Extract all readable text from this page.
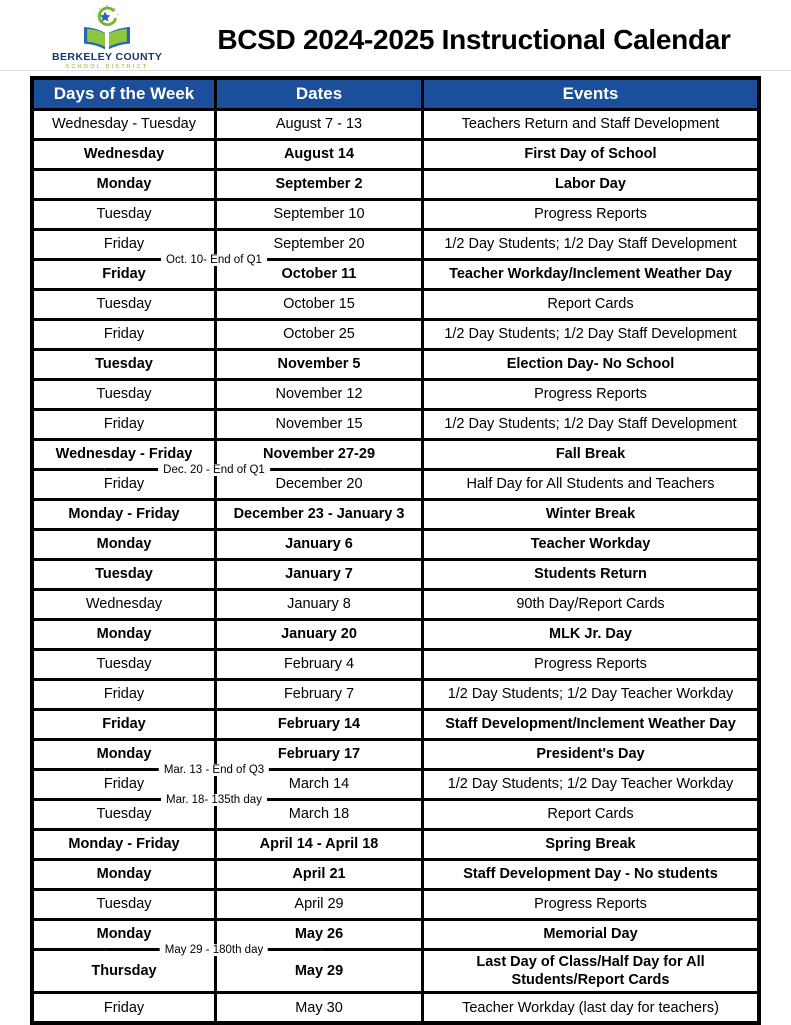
BERKELEY COUNTY
SCHOOL DISTRICT
BCSD 2024-2025 Instructional Calendar
Days of the Week	Dates	Events
Wednesday - Tuesday	August 7 - 13	Teachers Return and Staff Development
Wednesday	August 14	First Day of School
Monday	September 2	Labor Day
Tuesday	September 10	Progress Reports
Friday	September 20	1/2 Day Students; 1/2 Day Staff Development
Friday	October 11	Teacher Workday/Inclement Weather Day
Tuesday	October 15	Report Cards
Friday	October 25	1/2 Day Students; 1/2 Day Staff Development
Tuesday	November 5	Election Day- No School
Tuesday	November 12	Progress Reports
Friday	November 15	1/2 Day Students; 1/2 Day Staff Development
Wednesday - Friday	November 27-29	Fall Break
Friday	December 20	Half Day for All Students and Teachers
Monday - Friday	December 23 - January 3	Winter Break
Monday	January 6	Teacher Workday
Tuesday	January 7	Students Return
Wednesday	January 8	90th Day/Report Cards
Monday	January 20	MLK Jr. Day
Tuesday	February 4	Progress Reports
Friday	February 7	1/2 Day Students; 1/2 Day Teacher Workday
Friday	February 14	Staff Development/Inclement Weather Day
Monday	February 17	President's Day
Friday	March 14	1/2 Day Students; 1/2 Day Teacher Workday
Tuesday	March 18	Report Cards
Monday - Friday	April 14 - April 18	Spring Break
Monday	April 21	Staff Development Day - No students
Tuesday	April 29	Progress Reports
Monday	May 26	Memorial Day
Thursday	May 29	Last Day of Class/Half Day for All Students/Report Cards
Friday	May 30	Teacher Workday (last day for teachers)
Oct. 10- End of Q1
Dec. 20 - End of Q1
Mar. 13 - End of Q3
Mar. 18- 135th day
May 29 - 180th day
